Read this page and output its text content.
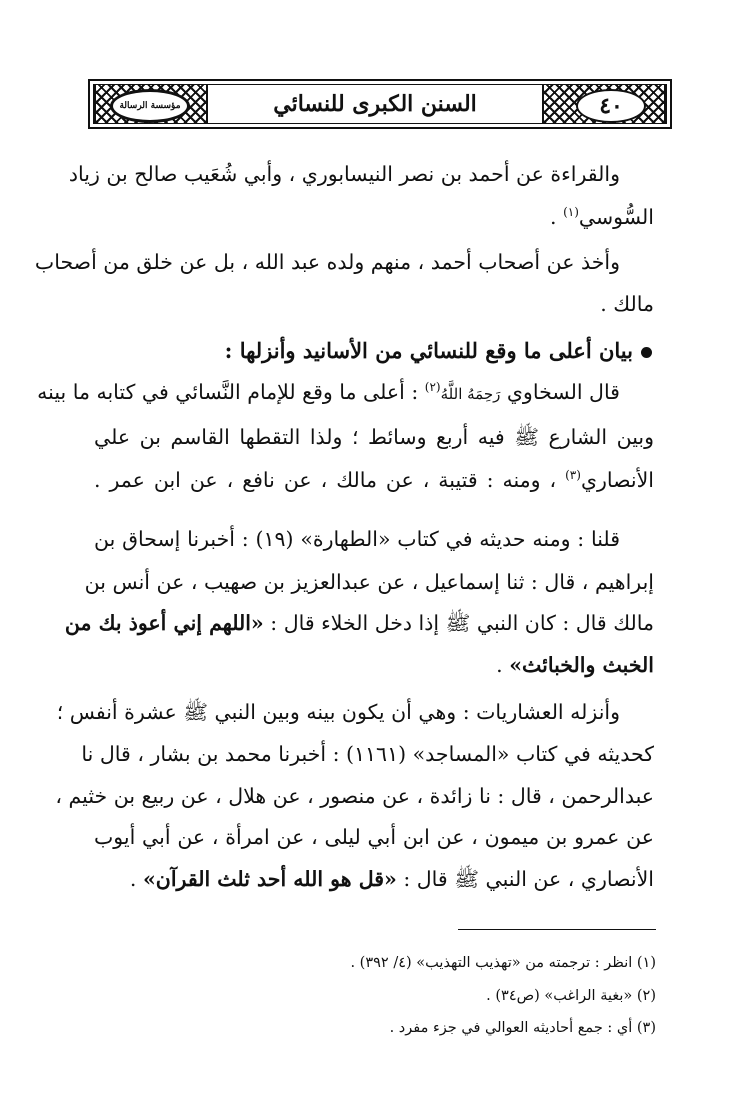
٤٠
السنن الكبرى للنسائي
مؤسسة الرسالة
والقراءة عن أحمد بن نصر النيسابوري ، وأبي شُعَيب صالح بن زياد
السُّوسي$^{(١)}$ .
وأخذ عن أصحاب أحمد ، منهم ولده عبد الله ، بل عن خلق من أصحاب
مالك .
بيان أعلى ما وقع للنسائي من الأسانيد وأنزلها :
قال السخاوي رَحِمَهُ اللَّهُ$^{(٢)}$ : أعلى ما وقع للإمام النَّسائي في كتابه ما بينه
وبين الشارع ﷺ فيه أربع وسائط ؛ ولذا التقطها القاسم بن علي
الأنصاري$^{(٣)}$ ، ومنه : قتيبة ، عن مالك ، عن نافع ، عن ابن عمر .
قلنا : ومنه حديثه في كتاب «الطهارة» (١٩) : أخبرنا إسحاق بن
إبراهيم ، قال : ثنا إسماعيل ، عن عبدالعزيز بن صهيب ، عن أنس بن
مالك قال : كان النبي ﷺ إذا دخل الخلاء قال : «اللهم إني أعوذ بك من
الخبث والخبائث» .
وأنزله العشاريات : وهي أن يكون بينه وبين النبي ﷺ عشرة أنفس ؛
كحديثه في كتاب «المساجد» (١١٦١) : أخبرنا محمد بن بشار ، قال نا
عبدالرحمن ، قال : نا زائدة ، عن منصور ، عن هلال ، عن ربيع بن خثيم ،
عن عمرو بن ميمون ، عن ابن أبي ليلى ، عن امرأة ، عن أبي أيوب
الأنصاري ، عن النبي ﷺ قال : «قل هو الله أحد ثلث القرآن» .
(١) انظر : ترجمته من «تهذيب التهذيب» (٤/ ٣٩٢) .
(٢) «بغية الراغب» (ص٣٤) .
(٣) أي : جمع أحاديثه العوالي في جزء مفرد .
